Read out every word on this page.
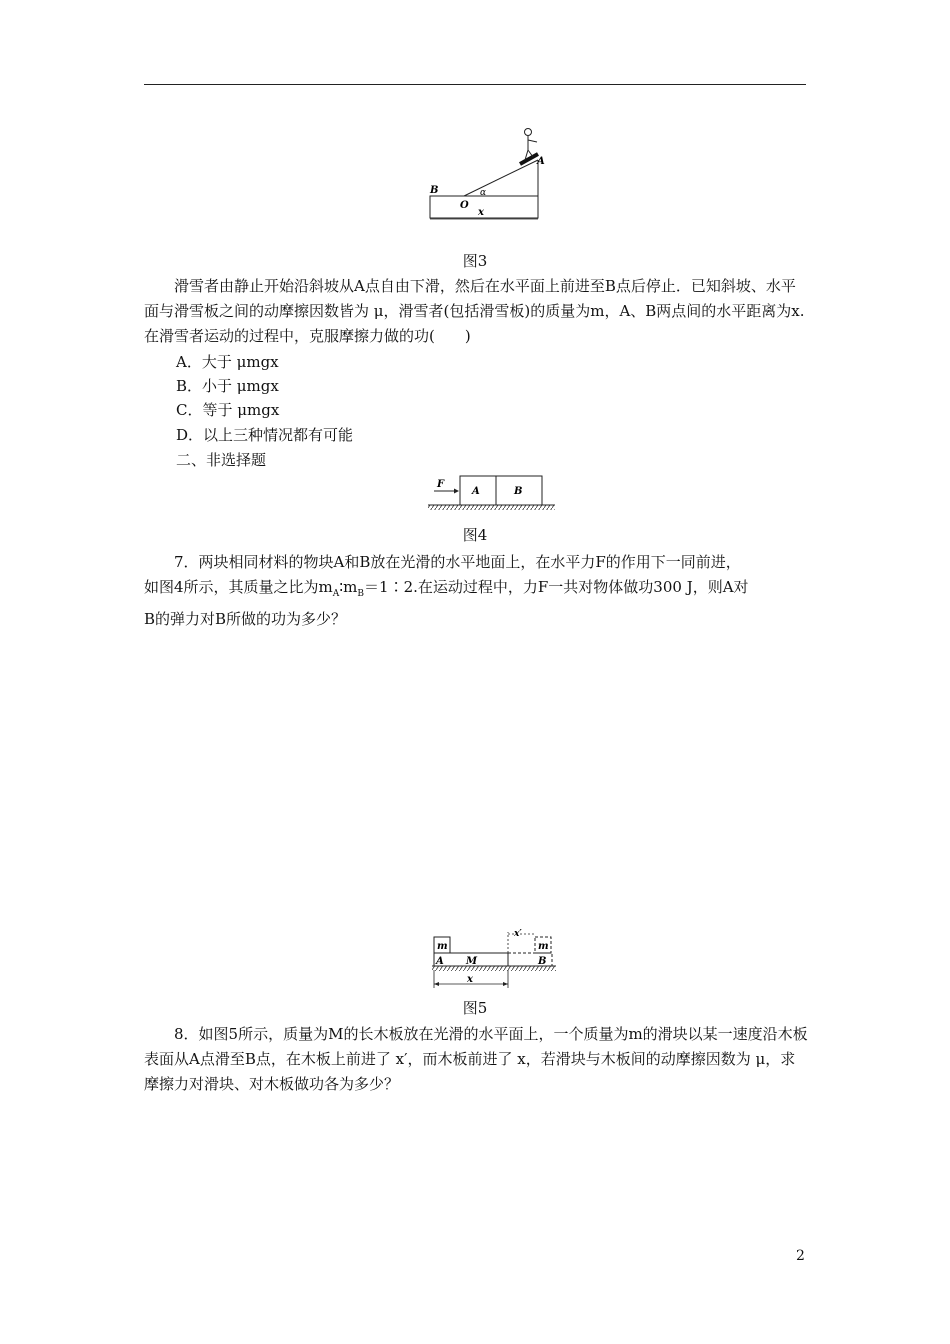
A
B
O
α
x
图3

滑雪者由静止开始沿斜坡从A点自由下滑，然后在水平面上前进至B点后停止．已知斜坡、水平面与滑雪板之间的动摩擦因数皆为 μ，滑雪者(包括滑雪板)的质量为m，A、B两点间的水平距离为x.在滑雪者运动的过程中，克服摩擦力做的功(　　)

A．大于 μmgx
B．小于 μmgx
C．等于 μmgx
D．以上三种情况都有可能
二、非选择题
F
A	B
图4

7．两块相同材料的物块A和B放在光滑的水平地面上，在水平力F的作用下一同前进，

如图4所示，其质量之比为$m_A∶m_B=1∶2$.在运动过程中，力F一共对物体做功300 J，则A对

B的弹力对B所做的功为多少？

m
A M
x′
m
B
x
图5

8．如图5所示，质量为M的长木板放在光滑的水平面上，一个质量为m的滑块以某一速度沿木板表面从A点滑至B点，在木板上前进了 x′，而木板前进了 x，若滑块与木板间的动摩擦因数为 μ，求摩擦力对滑块、对木板做功各为多少？

2
